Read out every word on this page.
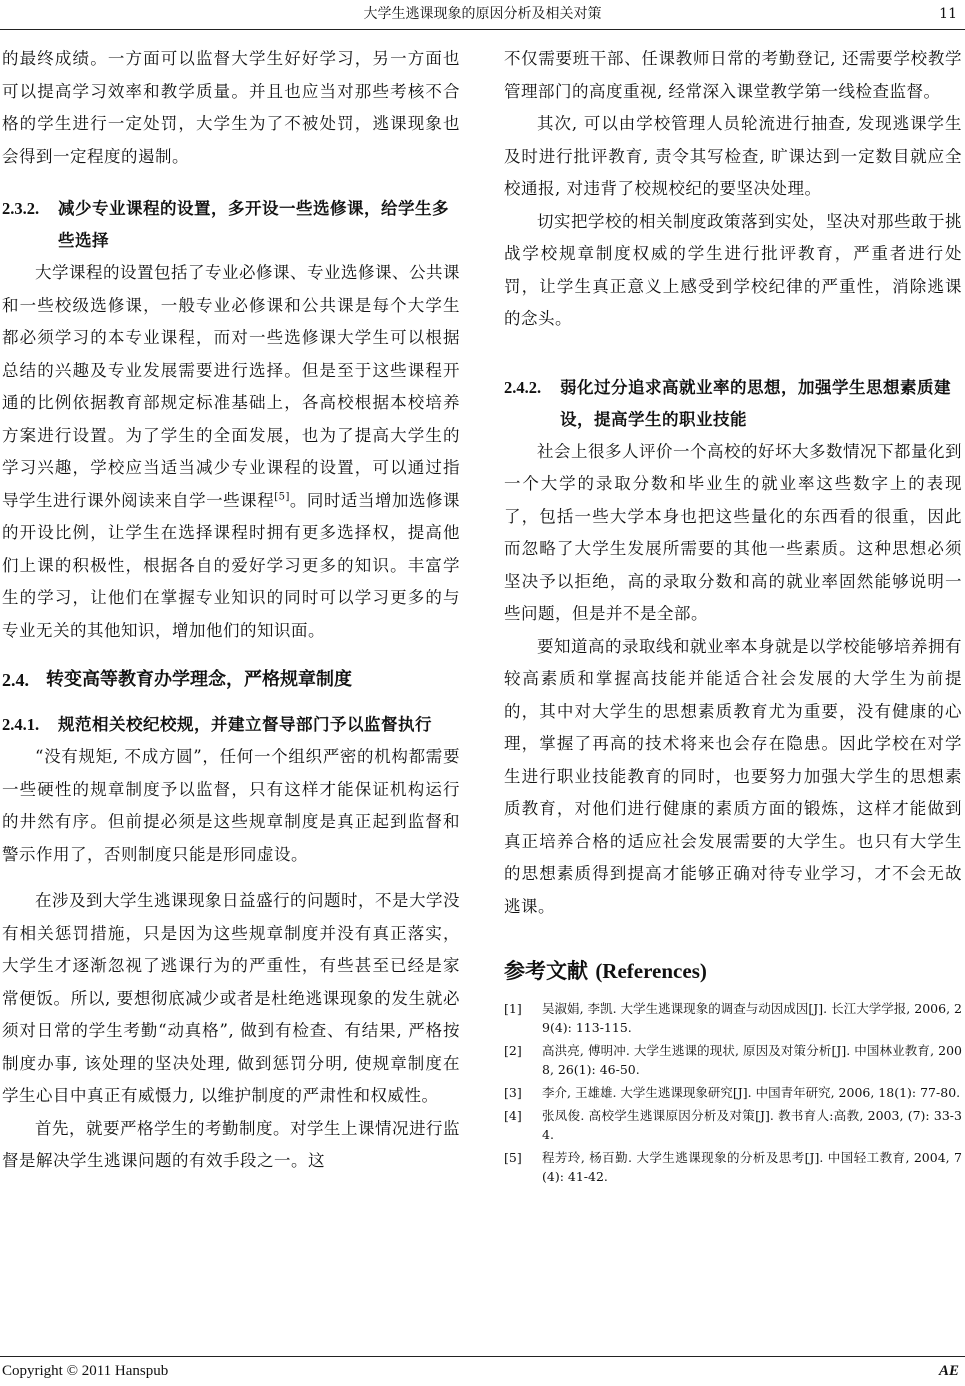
大学生逃课现象的原因分析及相关对策	11

的最终成绩。一方面可以监督大学生好好学习，另一方面也可以提高学习效率和教学质量。并且也应当对那些考核不合格的学生进行一定处罚，大学生为了不被处罚，逃课现象也会得到一定程度的遏制。

2.3.2.	减少专业课程的设置，多开设一些选修课，给学生多些选择

大学课程的设置包括了专业必修课、专业选修课、公共课和一些校级选修课，一般专业必修课和公共课是每个大学生都必须学习的本专业课程，而对一些选修课大学生可以根据总结的兴趣及专业发展需要进行选择。但是至于这些课程开通的比例依据教育部规定标准基础上，各高校根据本校培养方案进行设置。为了学生的全面发展，也为了提高大学生的学习兴趣，学校应当适当减少专业课程的设置，可以通过指导学生进行课外阅读来自学一些课程[5]。同时适当增加选修课的开设比例，让学生在选择课程时拥有更多选择权，提高他们上课的积极性，根据各自的爱好学习更多的知识。丰富学生的学习，让他们在掌握专业知识的同时可以学习更多的与专业无关的其他知识，增加他们的知识面。

2.4. 转变高等教育办学理念，严格规章制度
2.4.1.	规范相关校纪校规，并建立督导部门予以监督执行

“没有规矩, 不成方圆”，任何一个组织严密的机构都需要一些硬性的规章制度予以监督，只有这样才能保证机构运行的井然有序。但前提必须是这些规章制度是真正起到监督和警示作用了，否则制度只能是形同虚设。

在涉及到大学生逃课现象日益盛行的问题时，不是大学没有相关惩罚措施，只是因为这些规章制度并没有真正落实，大学生才逐渐忽视了逃课行为的严重性，有些甚至已经是家常便饭。所以, 要想彻底减少或者是杜绝逃课现象的发生就必须对日常的学生考勤“动真格”, 做到有检查、有结果, 严格按制度办事, 该处理的坚决处理, 做到惩罚分明, 使规章制度在学生心目中真正有威慑力, 以维护制度的严肃性和权威性。

首先，就要严格学生的考勤制度。对学生上课情况进行监督是解决学生逃课问题的有效手段之一。这

不仅需要班干部、任课教师日常的考勤登记, 还需要学校教学管理部门的高度重视, 经常深入课堂教学第一线检查监督。

其次, 可以由学校管理人员轮流进行抽查, 发现逃课学生及时进行批评教育, 责令其写检查, 旷课达到一定数目就应全校通报, 对违背了校规校纪的要坚决处理。

切实把学校的相关制度政策落到实处，坚决对那些敢于挑战学校规章制度权威的学生进行批评教育，严重者进行处罚，让学生真正意义上感受到学校纪律的严重性，消除逃课的念头。

2.4.2.	弱化过分追求高就业率的思想，加强学生思想素质建设，提高学生的职业技能

社会上很多人评价一个高校的好坏大多数情况下都量化到一个大学的录取分数和毕业生的就业率这些数字上的表现了，包括一些大学本身也把这些量化的东西看的很重，因此而忽略了大学生发展所需要的其他一些素质。这种思想必须坚决予以拒绝，高的录取分数和高的就业率固然能够说明一些问题，但是并不是全部。

要知道高的录取线和就业率本身就是以学校能够培养拥有较高素质和掌握高技能并能适合社会发展的大学生为前提的，其中对大学生的思想素质教育尤为重要，没有健康的心理，掌握了再高的技术将来也会存在隐患。因此学校在对学生进行职业技能教育的同时，也要努力加强大学生的思想素质教育，对他们进行健康的素质方面的锻炼，这样才能做到真正培养合格的适应社会发展需要的大学生。也只有大学生的思想素质得到提高才能够正确对待专业学习，才不会无故逃课。

参考文献 (References)
[1]	吴淑娟, 李凯. 大学生逃课现象的调查与动因成因[J]. 长江大学学报, 2006, 29(4): 113-115.
[2]	高洪亮, 傅明冲. 大学生逃课的现状, 原因及对策分析[J]. 中国林业教育, 2008, 26(1): 46-50.
[3]	李介, 王雄雄. 大学生逃课现象研究[J]. 中国青年研究, 2006, 18(1): 77-80.
[4]	张凤俊. 高校学生逃课原因分析及对策[J]. 教书育人:高教, 2003, (7): 33-34.
[5]	程芳玲, 杨百勤. 大学生逃课现象的分析及思考[J]. 中国轻工教育, 2004, 7(4): 41-42.
Copyright © 2011 Hanspub	AE
